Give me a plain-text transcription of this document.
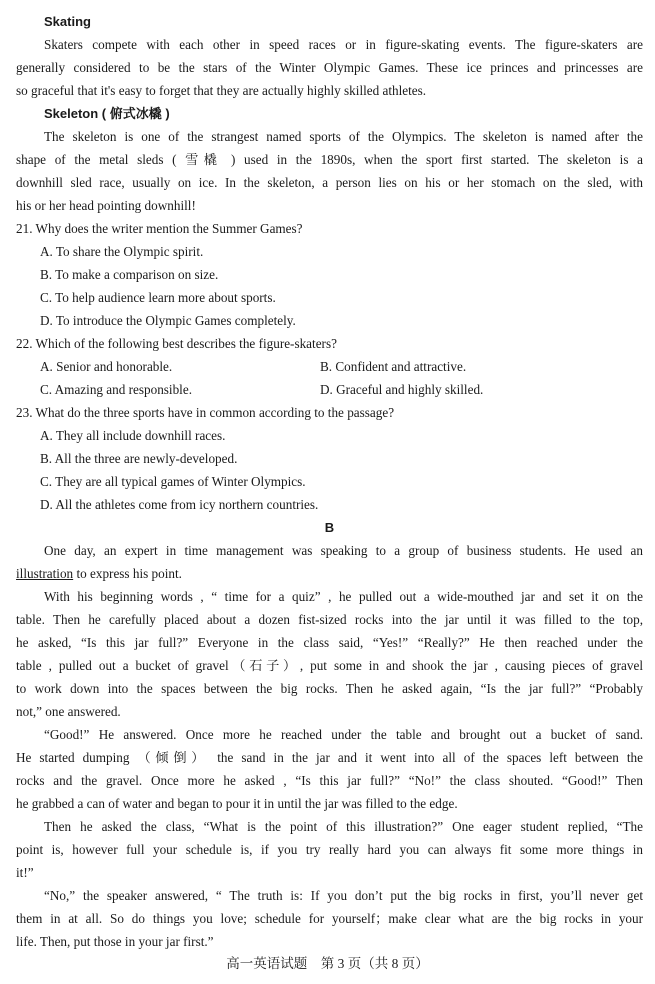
Skating
Skaters compete with each other in speed races or in figure-skating events. The figure-skaters are
generally considered to be the stars of the Winter Olympic Games. These ice princes and princesses are
so graceful that it's easy to forget that they are actually highly skilled athletes.
Skeleton ( 俯式冰橇 )
The skeleton is one of the strangest named sports of the Olympics. The skeleton is named after the
shape of the metal sleds ( 雪橇 ) used in the 1890s, when the sport first started. The skeleton is a
downhill sled race, usually on ice. In the skeleton, a person lies on his or her stomach on the sled, with
his or her head pointing downhill!
21. Why does the writer mention the Summer Games?
A. To share the Olympic spirit.
B. To make a comparison on size.
C. To help audience learn more about sports.
D. To introduce the Olympic Games completely.
22. Which of the following best describes the figure-skaters?
A. Senior and honorable.	B. Confident and attractive.
C. Amazing and responsible.	D. Graceful and highly skilled.
23. What do the three sports have in common according to the passage?
A. They all include downhill races.
B. All the three are newly-developed.
C. They are all typical games of Winter Olympics.
D. All the athletes come from icy northern countries.
B
One day, an expert in time management was speaking to a group of business students. He used an
illustration to express his point.
With his beginning words , “ time for a quiz” , he pulled out a wide-mouthed jar and set it on the
table. Then he carefully placed about a dozen fist-sized rocks into the jar until it was filled to the top,
he asked, “Is this jar full?” Everyone in the class said, “Yes!” “Really?” He then reached under the
table , pulled out a bucket of gravel（石子）, put some in and shook the jar , causing pieces of gravel
to work down into the spaces between the big rocks. Then he asked again, “Is the jar full?” “Probably
not,” one answered.
“Good!” He answered. Once more he reached under the table and brought out a bucket of sand.
He started dumping （倾倒） the sand in the jar and it went into all of the spaces left between the
rocks and the gravel. Once more he asked , “Is this jar full?” “No!” the class shouted. “Good!” Then
he grabbed a can of water and began to pour it in until the jar was filled to the edge.
Then he asked the class, “What is the point of this illustration?” One eager student replied, “The
point is, however full your schedule is, if you try really hard you can always fit some more things in
it!”
“No,” the speaker answered, “ The truth is: If you don’t put the big rocks in first, you’ll never get
them in at all. So do things you love; schedule for yourself；make clear what are the big rocks in your
life. Then, put those in your jar first.”
高一英语试题　第 3 页（共 8 页）
